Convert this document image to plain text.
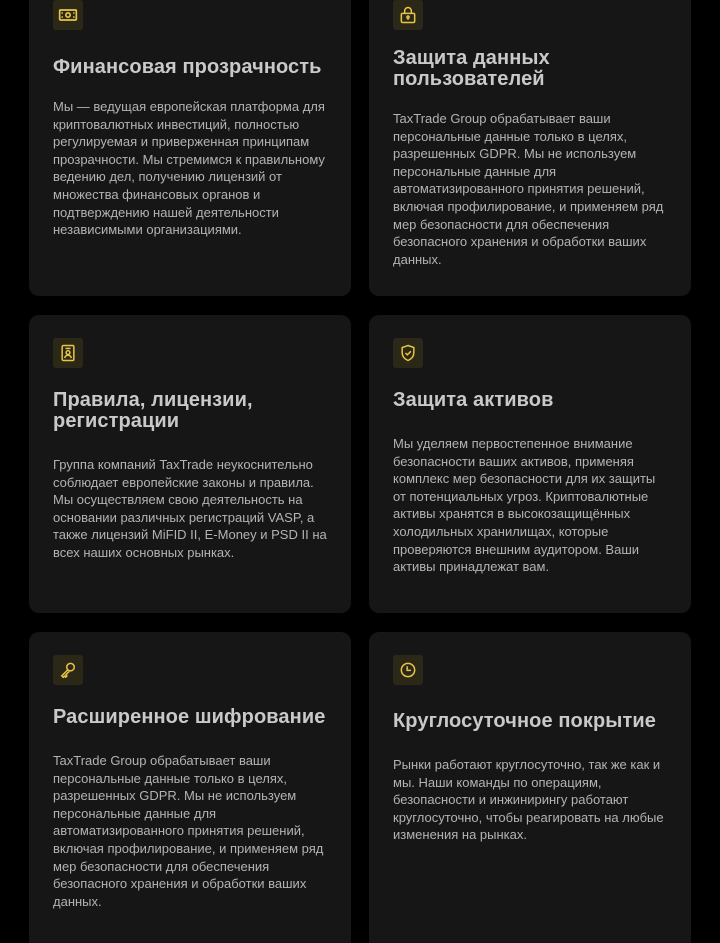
Финансовая прозрачность

Мы — ведущая европейская платформа для криптовалютных инвестиций, полностью регулируемая и приверженная принципам прозрачности. Мы стремимся к правильному ведению дел, получению лицензий от множества финансовых органов и подтверждению нашей деятельности независимыми организациями.

Защита данных пользователей

TaxTrade Group обрабатывает ваши персональные данные только в целях, разрешенных GDPR. Мы не используем персональные данные для автоматизированного принятия решений, включая профилирование, и применяем ряд мер безопасности для обеспечения безопасного хранения и обработки ваших данных.

Правила, лицензии, регистрации

Группа компаний TaxTrade неукоснительно соблюдает европейские законы и правила. Мы осуществляем свою деятельность на основании различных регистраций VASP, а также лицензий MiFID II, E-Money и PSD II на всех наших основных рынках.

Защита активов

Мы уделяем первостепенное внимание безопасности ваших активов, применяя комплекс мер безопасности для их защиты от потенциальных угроз. Криптовалютные активы хранятся в высокозащищённых холодильных хранилищах, которые проверяются внешним аудитором. Ваши активы принадлежат вам.

Расширенное шифрование

TaxTrade Group обрабатывает ваши персональные данные только в целях, разрешенных GDPR. Мы не используем персональные данные для автоматизированного принятия решений, включая профилирование, и применяем ряд мер безопасности для обеспечения безопасного хранения и обработки ваших данных.

Круглосуточное покрытие

Рынки работают круглосуточно, так же как и мы. Наши команды по операциям, безопасности и инжинирингу работают круглосуточно, чтобы реагировать на любые изменения на рынках.
